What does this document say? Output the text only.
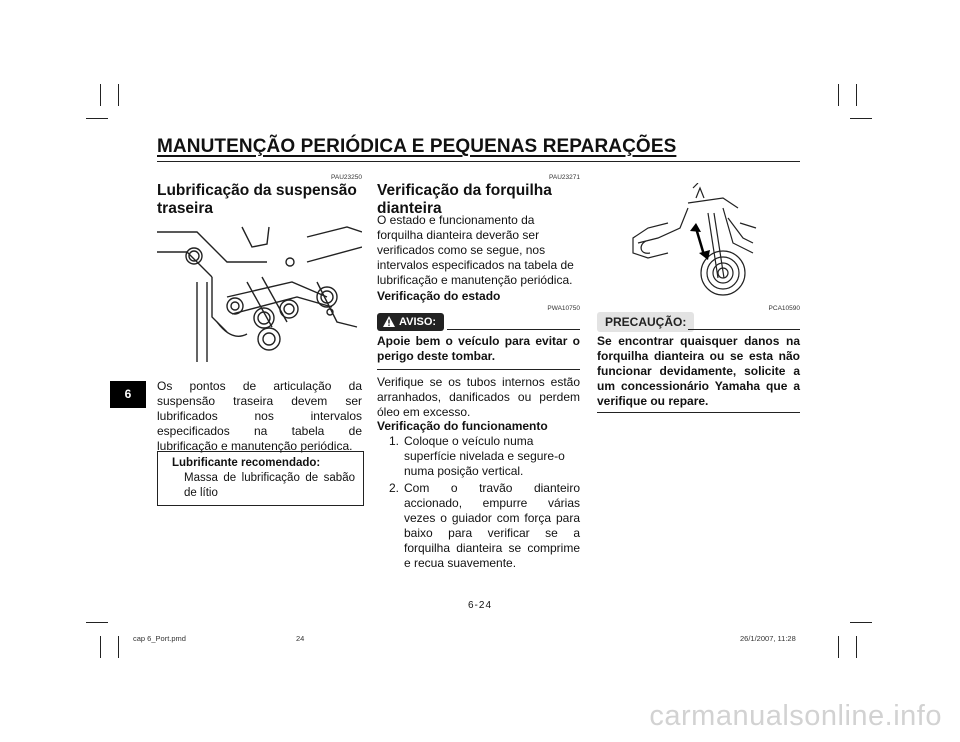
MANUTENÇÃO PERIÓDICA E PEQUENAS REPARAÇÕES
6
PAU23250
Lubrificação da suspensão traseira
Os pontos de articulação da suspensão traseira devem ser lubrificados nos intervalos especificados na tabela de lubrificação e manutenção periódica.
Lubrificante recomendado:
Massa de lubrificação de sabão de lítio
PAU23271
Verificação da forquilha dianteira
O estado e funcionamento da forquilha dianteira deverão ser verificados como se segue, nos intervalos especificados na tabela de lubrificação e manutenção periódica.
Verificação do estado
PWA10750
AVISO:
Apoie bem o veículo para evitar o perigo deste tombar.
Verifique se os tubos internos estão arranhados, danificados ou perdem óleo em excesso.
Verificação do funcionamento
1. Coloque o veículo numa superfície nivelada e segure-o numa posição vertical.
2. Com o travão dianteiro accionado, empurre várias vezes o guiador com força para baixo para verificar se a forquilha dianteira se comprime e recua suavemente.
PCA10590
PRECAUÇÃO:
Se encontrar quaisquer danos na forquilha dianteira ou se esta não funcionar devidamente, solicite a um concessionário Yamaha que a verifique ou repare.
6-24
cap 6_Port.pmd	24	26/1/2007, 11:28
carmanualsonline.info
